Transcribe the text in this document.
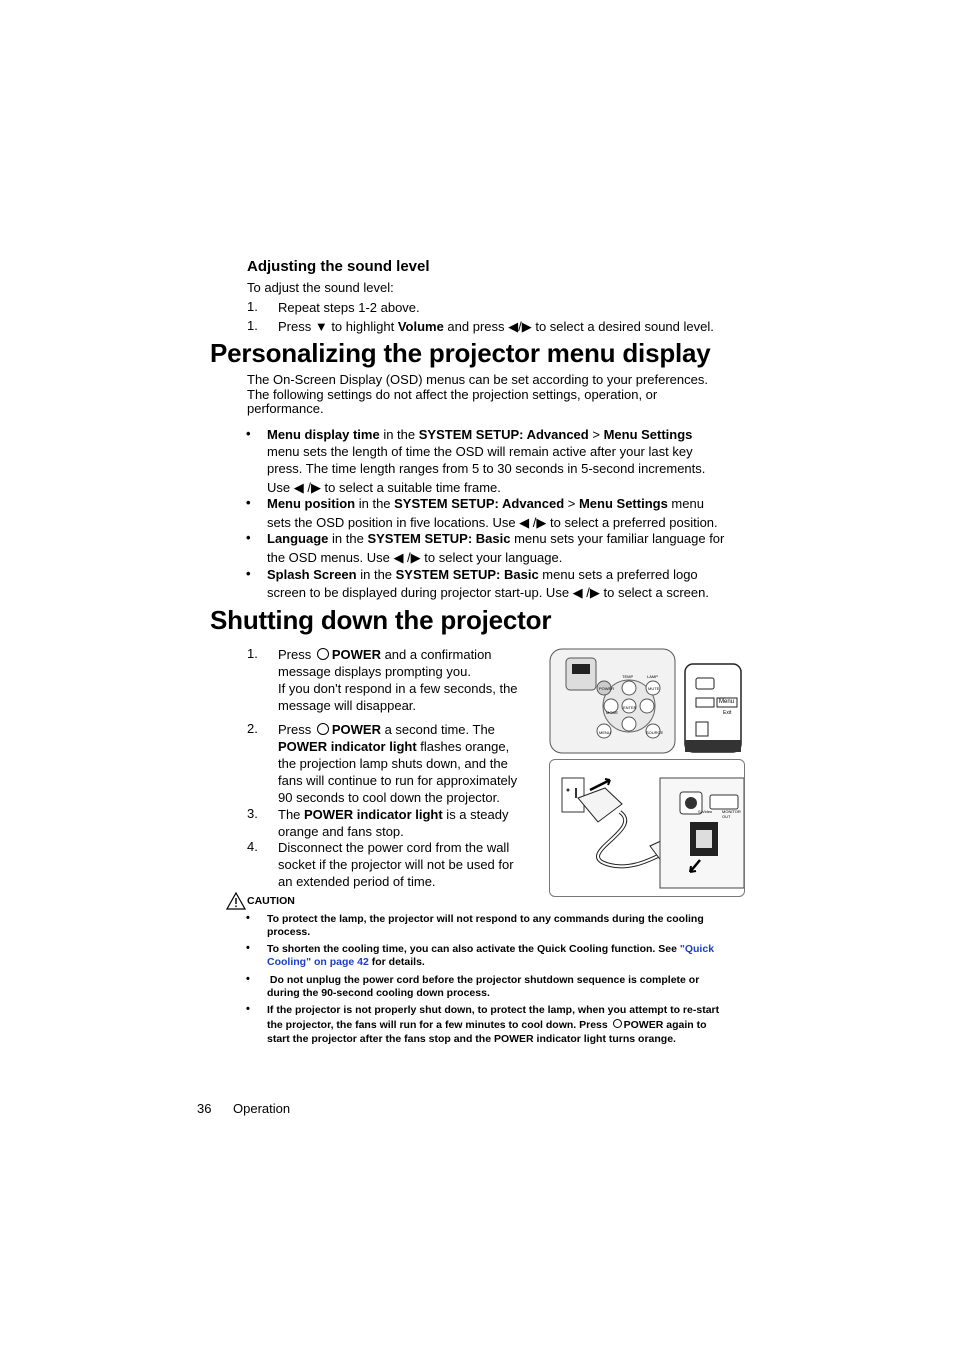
Adjusting the sound level
To adjust the sound level:
1. Repeat steps 1-2 above.
1. Press ▼ to highlight Volume and press ◀/▶ to select a desired sound level.
Personalizing the projector menu display
The On-Screen Display (OSD) menus can be set according to your preferences.
The following settings do not affect the projection settings, operation, or
performance.
• Menu display time in the SYSTEM SETUP: Advanced > Menu Settings
menu sets the length of time the OSD will remain active after your last key
press. The time length ranges from 5 to 30 seconds in 5-second increments.
Use ◀ /▶ to select a suitable time frame.
• Menu position in the SYSTEM SETUP: Advanced > Menu Settings menu
sets the OSD position in five locations. Use ◀ /▶ to select a preferred position.
• Language in the SYSTEM SETUP: Basic menu sets your familiar language for
the OSD menus. Use ◀ /▶ to select your language.
• Splash Screen in the SYSTEM SETUP: Basic menu sets a preferred logo
screen to be displayed during projector start-up. Use ◀ /▶ to select a screen.
Shutting down the projector
1. Press POWER and a confirmation
message displays prompting you.
If you don't respond in a few seconds, the
message will disappear.
2. Press POWER a second time. The
POWER indicator light flashes orange,
the projection lamp shuts down, and the
fans will continue to run for approximately
90 seconds to cool down the projector.
3. The POWER indicator light is a steady
orange and fans stop.
4. Disconnect the power cord from the wall
socket if the projector will not be used for
an extended period of time.
TEMP	LAMP
POWER	MUTE
MODE
SOURCE
ENTER
MENU
Menu
Exit
S-Video MONITOR OUT
CAUTION
• To protect the lamp, the projector will not respond to any commands during the cooling
process.
• To shorten the cooling time, you can also activate the Quick Cooling function. See "Quick
Cooling" on page 42 for details.
• Do not unplug the power cord before the projector shutdown sequence is complete or
during the 90-second cooling down process.
• If the projector is not properly shut down, to protect the lamp, when you attempt to re-start
the projector, the fans will run for a few minutes to cool down. Press POWER again to
start the projector after the fans stop and the POWER indicator light turns orange.
36 Operation
